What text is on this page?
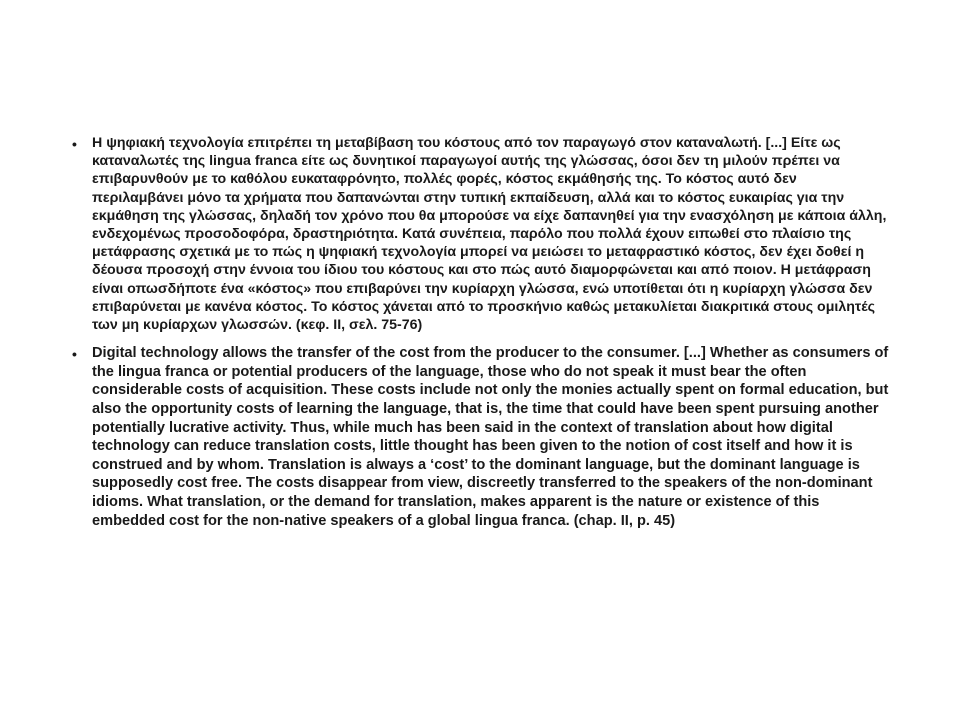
• Η ψηφιακή τεχνολογία επιτρέπει τη μεταβίβαση του κόστους από τον παραγωγό στον καταναλωτή. [...] Είτε ως καταναλωτές της lingua franca είτε ως δυνητικοί παραγωγοί αυτής της γλώσσας, όσοι δεν τη μιλούν πρέπει να επιβαρυνθούν με το καθόλου ευκαταφρόνητο, πολλές φορές, κόστος εκμάθησής της. Το κόστος αυτό δεν περιλαμβάνει μόνο τα χρήματα που δαπανώνται στην τυπική εκπαίδευση, αλλά και το κόστος ευκαιρίας για την εκμάθηση της γλώσσας, δηλαδή τον χρόνο που θα μπορούσε να είχε δαπανηθεί για την ενασχόληση με κάποια άλλη, ενδεχομένως προσοδοφόρα, δραστηριότητα. Κατά συνέπεια, παρόλο που πολλά έχουν ειπωθεί στο πλαίσιο της μετάφρασης σχετικά με το πώς η ψηφιακή τεχνολογία μπορεί να μειώσει το μεταφραστικό κόστος, δεν έχει δοθεί η δέουσα προσοχή στην έννοια του ίδιου του κόστους και στο πώς αυτό διαμορφώνεται και από ποιον. Η μετάφραση είναι οπωσδήποτε ένα «κόστος» που επιβαρύνει την κυρίαρχη γλώσσα, ενώ υποτίθεται ότι η κυρίαρχη γλώσσα δεν επιβαρύνεται με κανένα κόστος. Το κόστος χάνεται από το προσκήνιο καθώς μετακυλίεται διακριτικά στους ομιλητές των μη κυρίαρχων γλωσσών. (κεφ. ΙΙ, σελ. 75-76)
• Digital technology allows the transfer of the cost from the producer to the consumer. [...] Whether as consumers of the lingua franca or potential producers of the language, those who do not speak it must bear the often considerable costs of acquisition. These costs include not only the monies actually spent on formal education, but also the opportunity costs of learning the language, that is, the time that could have been spent pursuing another potentially lucrative activity. Thus, while much has been said in the context of translation about how digital technology can reduce translation costs, little thought has been given to the notion of cost itself and how it is construed and by whom. Translation is always a ‘cost’ to the dominant language, but the dominant language is supposedly cost free. The costs disappear from view, discreetly transferred to the speakers of the non-dominant idioms. What translation, or the demand for translation, makes apparent is the nature or existence of this embedded cost for the non-native speakers of a global lingua franca. (chap. II, p. 45)
